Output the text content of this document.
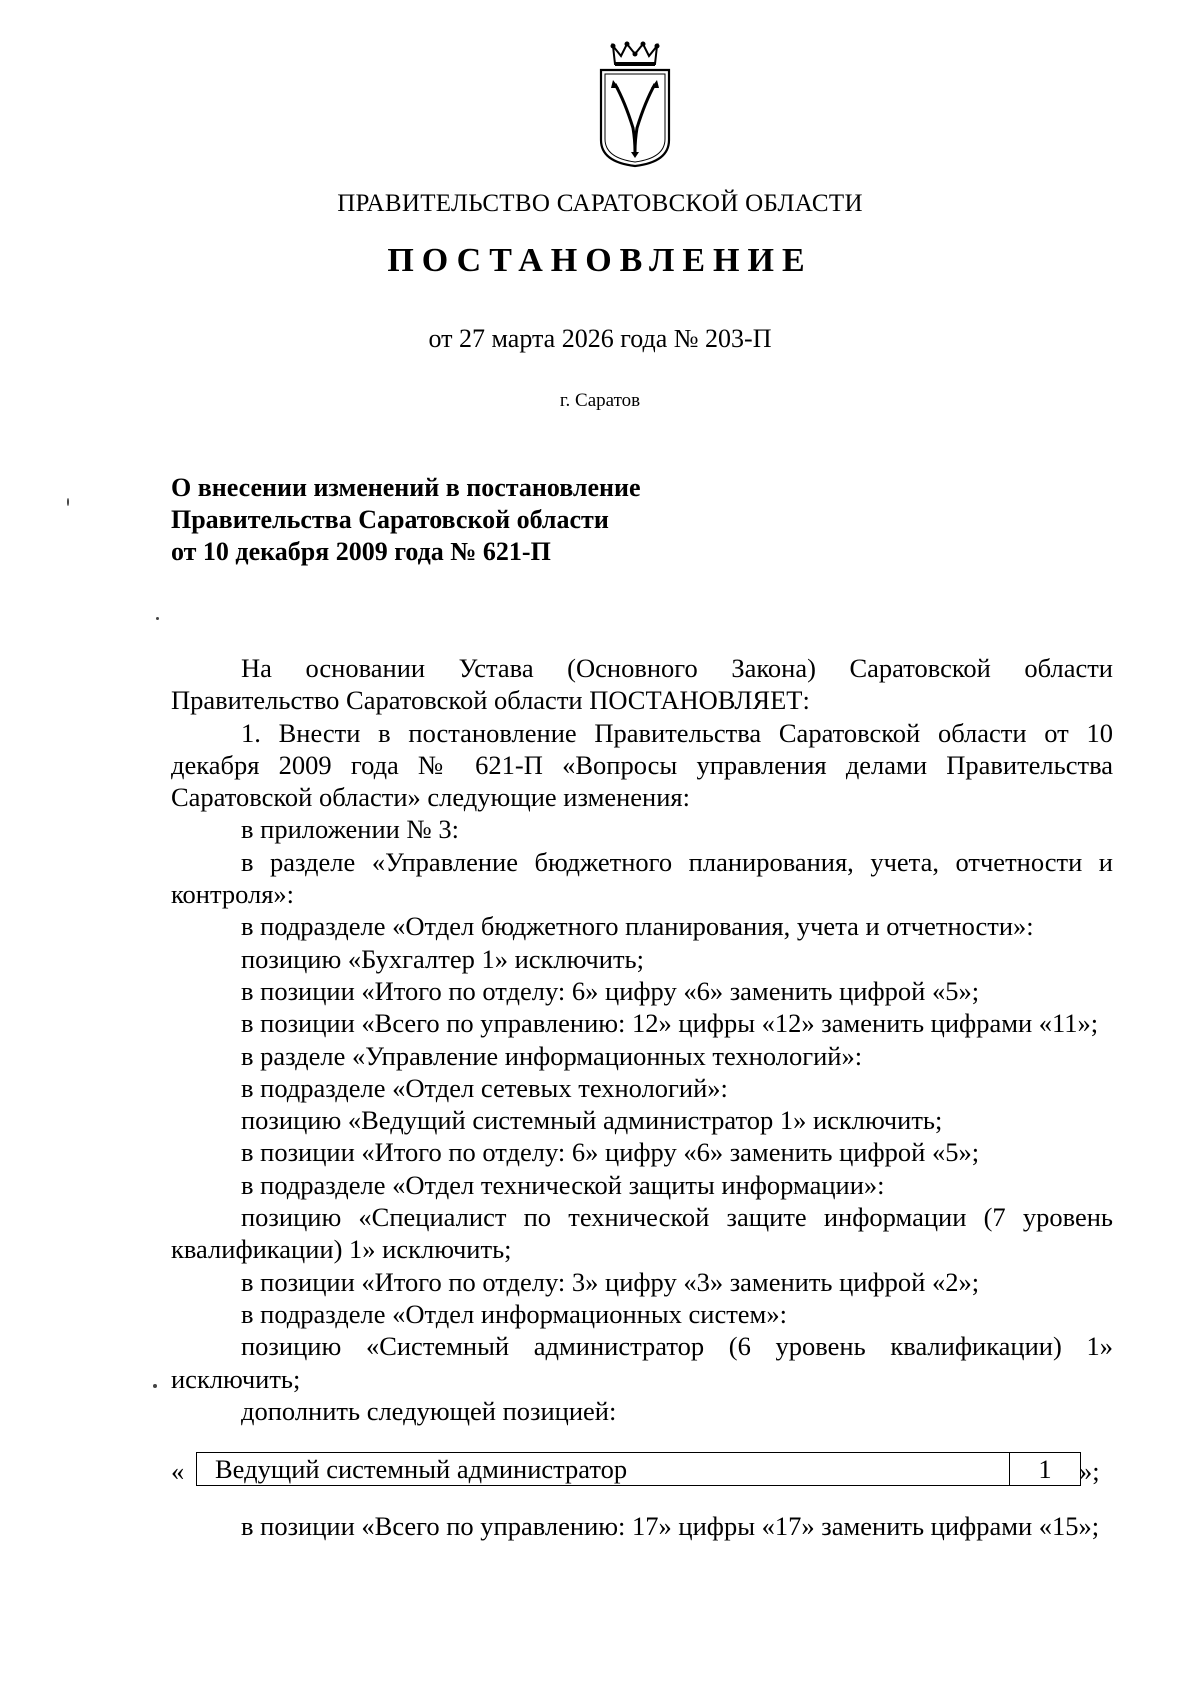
ПРАВИТЕЛЬСТВО САРАТОВСКОЙ ОБЛАСТИ
ПОСТАНОВЛЕНИЕ
от 27 марта 2026 года № 203-П
г. Саратов
О внесении изменений в постановление
Правительства Саратовской области
от 10 декабря 2009 года № 621-П

На основании Устава (Основного Закона) Саратовской области Правительство Саратовской области ПОСТАНОВЛЯЕТ:

1. Внести в постановление Правительства Саратовской области от 10 декабря 2009 года № 621-П «Вопросы управления делами Правительства Саратовской области» следующие изменения:

в приложении № 3:

в разделе «Управление бюджетного планирования, учета, отчетности и контроля»:

в подразделе «Отдел бюджетного планирования, учета и отчетности»:

позицию «Бухгалтер 1» исключить;

в позиции «Итого по отделу: 6» цифру «6» заменить цифрой «5»;

в позиции «Всего по управлению: 12» цифры «12» заменить цифрами «11»;

в разделе «Управление информационных технологий»:

в подразделе «Отдел сетевых технологий»:

позицию «Ведущий системный администратор 1» исключить;

в позиции «Итого по отделу: 6» цифру «6» заменить цифрой «5»;

в подразделе «Отдел технической защиты информации»:

позицию «Специалист по технической защите информации (7 уровень квалификации) 1» исключить;

в позиции «Итого по отделу: 3» цифру «3» заменить цифрой «2»;

в подразделе «Отдел информационных систем»:

позицию «Системный администратор (6 уровень квалификации) 1» исключить;

дополнить следующей позицией:

« Ведущий системный администратор	1 »;

в позиции «Всего по управлению: 17» цифры «17» заменить цифрами «15»;
